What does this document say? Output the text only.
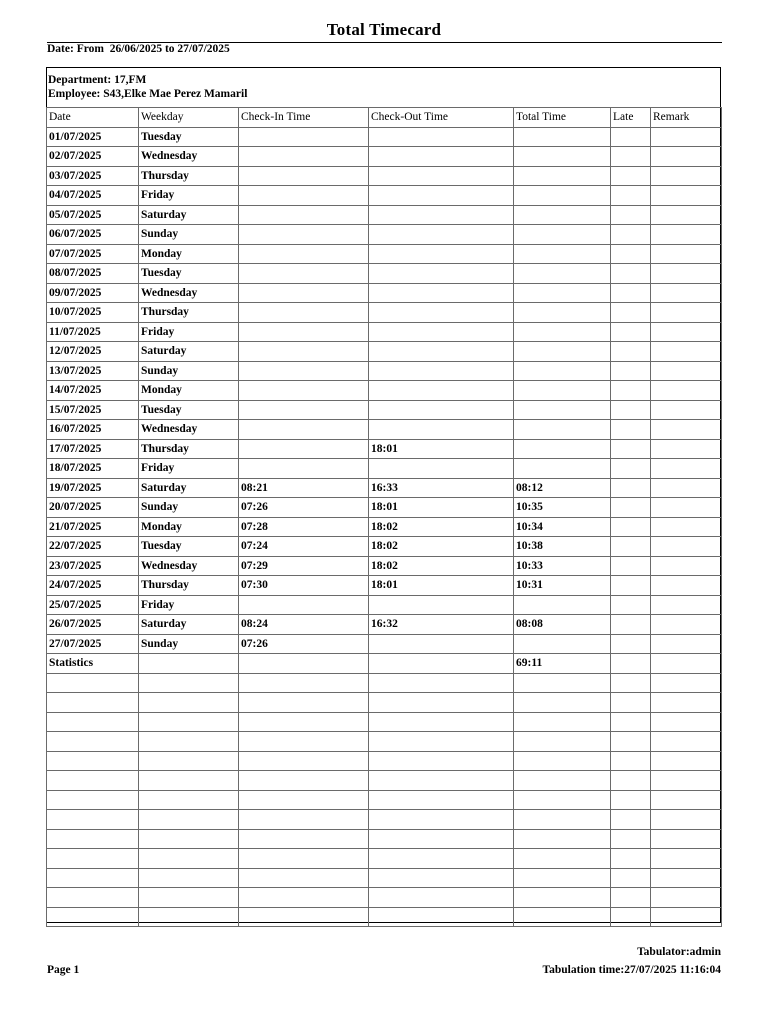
Total Timecard
Date: From  26/06/2025 to 27/07/2025
Department: 17,FM
Employee: S43,Elke Mae Perez Mamaril
Date	Weekday	Check-In Time	Check-Out Time	Total Time	Late	Remark
01/07/2025	Tuesday					
02/07/2025	Wednesday					
03/07/2025	Thursday					
04/07/2025	Friday					
05/07/2025	Saturday					
06/07/2025	Sunday					
07/07/2025	Monday					
08/07/2025	Tuesday					
09/07/2025	Wednesday					
10/07/2025	Thursday					
11/07/2025	Friday					
12/07/2025	Saturday					
13/07/2025	Sunday					
14/07/2025	Monday					
15/07/2025	Tuesday					
16/07/2025	Wednesday					
17/07/2025	Thursday		18:01			
18/07/2025	Friday					
19/07/2025	Saturday	08:21	16:33	08:12		
20/07/2025	Sunday	07:26	18:01	10:35		
21/07/2025	Monday	07:28	18:02	10:34		
22/07/2025	Tuesday	07:24	18:02	10:38		
23/07/2025	Wednesday	07:29	18:02	10:33		
24/07/2025	Thursday	07:30	18:01	10:31		
25/07/2025	Friday					
26/07/2025	Saturday	08:24	16:32	08:08		
27/07/2025	Sunday	07:26				
Statistics				69:11		

Tabulator:admin
Tabulation time:27/07/2025 11:16:04
Page 1
